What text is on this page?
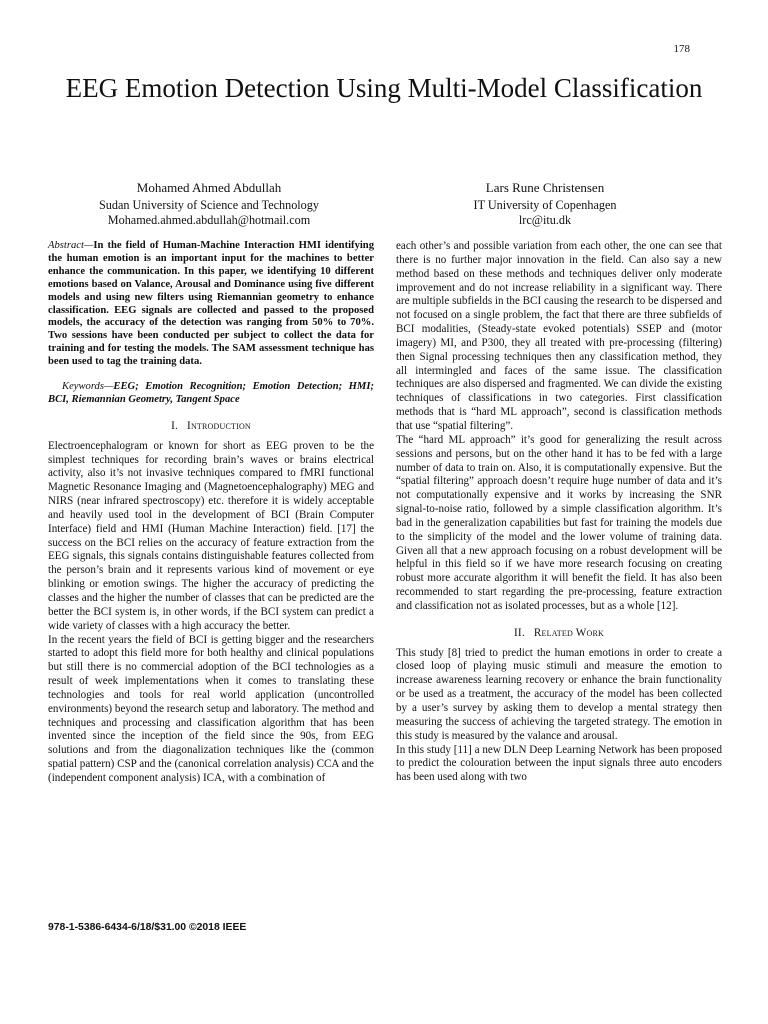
178
EEG Emotion Detection Using Multi-Model Classification
Mohamed Ahmed Abdullah
Sudan University of Science and Technology
Mohamed.ahmed.abdullah@hotmail.com
Lars Rune Christensen
IT University of Copenhagen
lrc@itu.dk

Abstract—In the field of Human-Machine Interaction HMI identifying the human emotion is an important input for the machines to better enhance the communication. In this paper, we identifying 10 different emotions based on Valance, Arousal and Dominance using five different models and using new filters using Riemannian geometry to enhance classification. EEG signals are collected and passed to the proposed models, the accuracy of the detection was ranging from 50% to 70%. Two sessions have been conducted per subject to collect the data for training and for testing the models. The SAM assessment technique has been used to tag the training data.

Keywords—EEG; Emotion Recognition; Emotion Detection; HMI; BCI, Riemannian Geometry, Tangent Space

I. Introduction

Electroencephalogram or known for short as EEG proven to be the simplest techniques for recording brain’s waves or brains electrical activity, also it’s not invasive techniques compared to fMRI functional Magnetic Resonance Imaging and (Magnetoencephalography) MEG and NIRS (near infrared spectroscopy) etc. therefore it is widely acceptable and heavily used tool in the development of BCI (Brain Computer Interface) field and HMI (Human Machine Interaction) field. [17] the success on the BCI relies on the accuracy of feature extraction from the EEG signals, this signals contains distinguishable features collected from the person’s brain and it represents various kind of movement or eye blinking or emotion swings. The higher the accuracy of predicting the classes and the higher the number of classes that can be predicted are the better the BCI system is, in other words, if the BCI system can predict a wide variety of classes with a high accuracy the better.

In the recent years the field of BCI is getting bigger and the researchers started to adopt this field more for both healthy and clinical populations but still there is no commercial adoption of the BCI technologies as a result of week implementations when it comes to translating these technologies and tools for real world application (uncontrolled environments) beyond the research setup and laboratory. The method and techniques and processing and classification algorithm that has been invented since the inception of the field since the 90s, from EEG solutions and from the diagonalization techniques like the (common spatial pattern) CSP and the (canonical correlation analysis) CCA and the (independent component analysis) ICA, with a combination of

each other’s and possible variation from each other, the one can see that there is no further major innovation in the field. Can also say a new method based on these methods and techniques deliver only moderate improvement and do not increase reliability in a significant way. There are multiple subfields in the BCI causing the research to be dispersed and not focused on a single problem, the fact that there are three subfields of BCI modalities, (Steady-state evoked potentials) SSEP and (motor imagery) MI, and P300, they all treated with pre-processing (filtering) then Signal processing techniques then any classification method, they all intermingled and faces of the same issue. The classification techniques are also dispersed and fragmented. We can divide the existing techniques of classifications in two categories. First classification methods that is “hard ML approach”, second is classification methods that use “spatial filtering”.

The “hard ML approach” it’s good for generalizing the result across sessions and persons, but on the other hand it has to be fed with a large number of data to train on. Also, it is computationally expensive. But the “spatial filtering” approach doesn’t require huge number of data and it’s not computationally expensive and it works by increasing the SNR signal-to-noise ratio, followed by a simple classification algorithm. It’s bad in the generalization capabilities but fast for training the models due to the simplicity of the model and the lower volume of training data. Given all that a new approach focusing on a robust development will be helpful in this field so if we have more research focusing on creating robust more accurate algorithm it will benefit the field. It has also been recommended to start regarding the pre-processing, feature extraction and classification not as isolated processes, but as a whole [12].

II. Related Work

This study [8] tried to predict the human emotions in order to create a closed loop of playing music stimuli and measure the emotion to increase awareness learning recovery or enhance the brain functionality or be used as a treatment, the accuracy of the model has been collected by a user’s survey by asking them to develop a mental strategy then measuring the success of achieving the targeted strategy. The emotion in this study is measured by the valance and arousal.

In this study [11] a new DLN Deep Learning Network has been proposed to predict the colouration between the input signals three auto encoders has been used along with two

978-1-5386-6434-6/18/$31.00 ©2018 IEEE
